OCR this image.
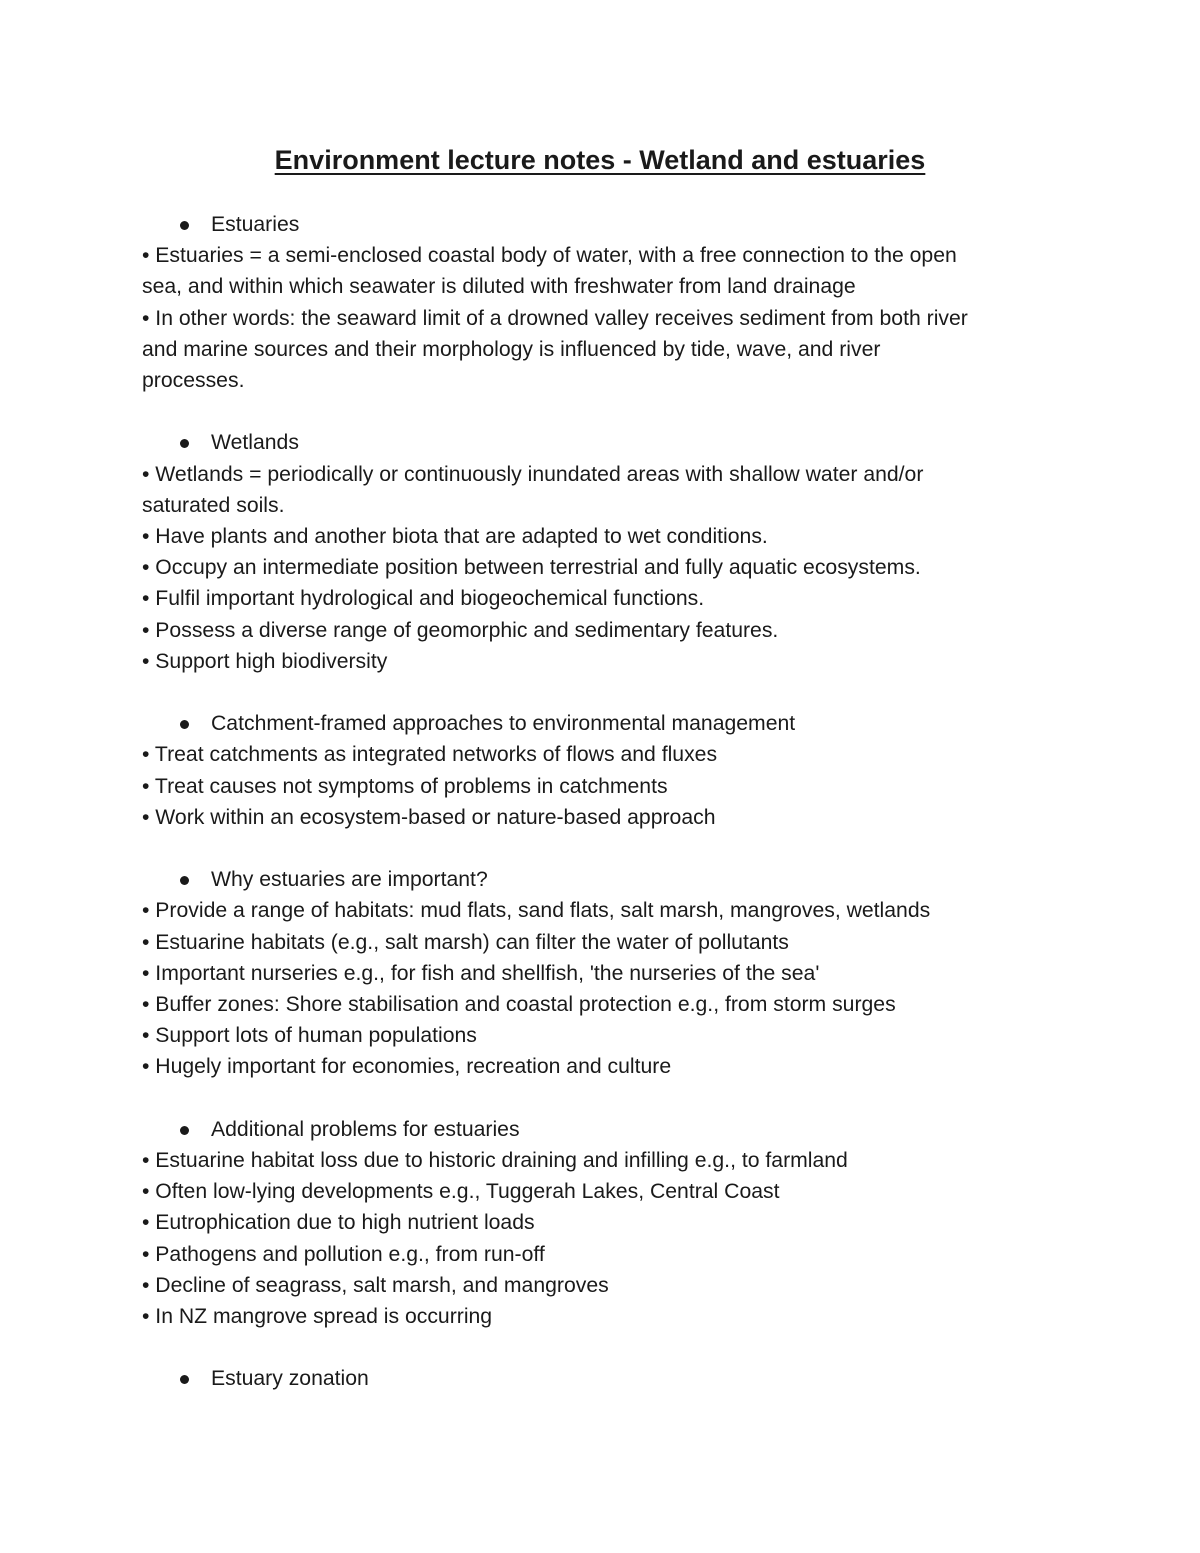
Environment lecture notes - Wetland and estuaries
Estuaries

• Estuaries = a semi-enclosed coastal body of water, with a free connection to the open

sea, and within which seawater is diluted with freshwater from land drainage

• In other words: the seaward limit of a drowned valley receives sediment from both river

and marine sources and their morphology is influenced by tide, wave, and river

processes.

Wetlands

• Wetlands = periodically or continuously inundated areas with shallow water and/or

saturated soils.

• Have plants and another biota that are adapted to wet conditions.

• Occupy an intermediate position between terrestrial and fully aquatic ecosystems.

• Fulfil important hydrological and biogeochemical functions.

• Possess a diverse range of geomorphic and sedimentary features.

• Support high biodiversity

Catchment-framed approaches to environmental management

• Treat catchments as integrated networks of flows and fluxes

• Treat causes not symptoms of problems in catchments

• Work within an ecosystem-based or nature-based approach

Why estuaries are important?

• Provide a range of habitats: mud flats, sand flats, salt marsh, mangroves, wetlands

• Estuarine habitats (e.g., salt marsh) can filter the water of pollutants

• Important nurseries e.g., for fish and shellfish, 'the nurseries of the sea'

• Buffer zones: Shore stabilisation and coastal protection e.g., from storm surges

• Support lots of human populations

• Hugely important for economies, recreation and culture

Additional problems for estuaries

• Estuarine habitat loss due to historic draining and infilling e.g., to farmland

• Often low-lying developments e.g., Tuggerah Lakes, Central Coast

• Eutrophication due to high nutrient loads

• Pathogens and pollution e.g., from run-off

• Decline of seagrass, salt marsh, and mangroves

• In NZ mangrove spread is occurring

Estuary zonation
